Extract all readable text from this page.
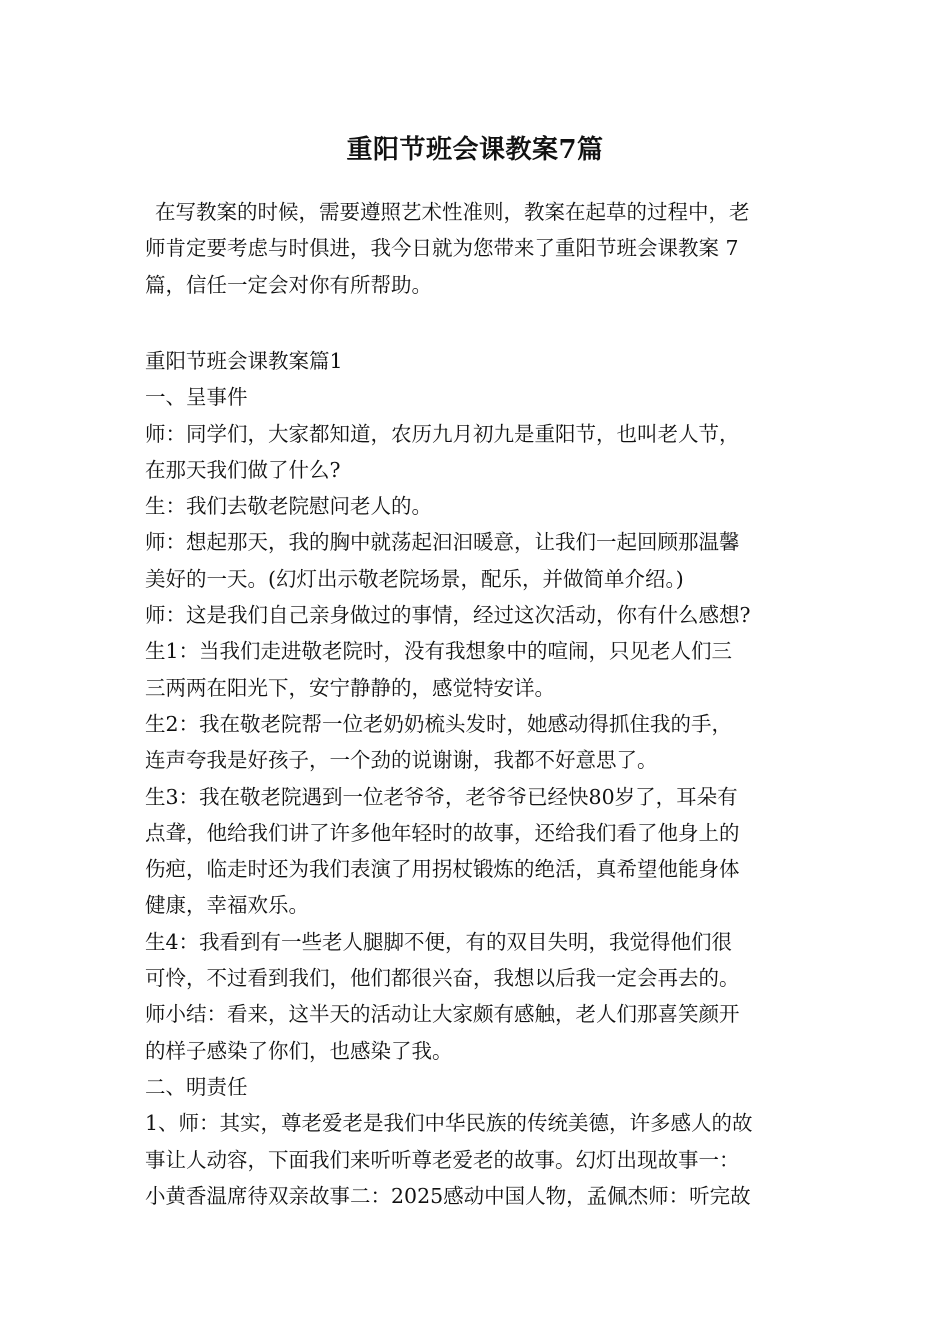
重阳节班会课教案7篇
在写教案的时候，需要遵照艺术性准则，教案在起草的过程中，老
师肯定要考虑与时俱进，我今日就为您带来了重阳节班会课教案 7
篇，信任一定会对你有所帮助。
重阳节班会课教案篇1
一、呈事件
师：同学们，大家都知道，农历九月初九是重阳节，也叫老人节，
在那天我们做了什么?
生：我们去敬老院慰问老人的。
师：想起那天，我的胸中就荡起汩汩暖意，让我们一起回顾那温馨
美好的一天。(幻灯出示敬老院场景，配乐，并做简单介绍。)
师：这是我们自己亲身做过的事情，经过这次活动，你有什么感想?
生1：当我们走进敬老院时，没有我想象中的喧闹，只见老人们三
三两两在阳光下，安宁静静的，感觉特安详。
生2：我在敬老院帮一位老奶奶梳头发时，她感动得抓住我的手，
连声夸我是好孩子，一个劲的说谢谢，我都不好意思了。
生3：我在敬老院遇到一位老爷爷，老爷爷已经快80岁了，耳朵有
点聋，他给我们讲了许多他年轻时的故事，还给我们看了他身上的
伤疤，临走时还为我们表演了用拐杖锻炼的绝活，真希望他能身体
健康，幸福欢乐。
生4：我看到有一些老人腿脚不便，有的双目失明，我觉得他们很
可怜，不过看到我们，他们都很兴奋，我想以后我一定会再去的。
师小结：看来，这半天的活动让大家颇有感触，老人们那喜笑颜开
的样子感染了你们，也感染了我。
二、明责任
1、师：其实，尊老爱老是我们中华民族的传统美德，许多感人的故
事让人动容，下面我们来听听尊老爱老的故事。幻灯出现故事一：
小黄香温席待双亲故事二：2025感动中国人物，孟佩杰师：听完故
